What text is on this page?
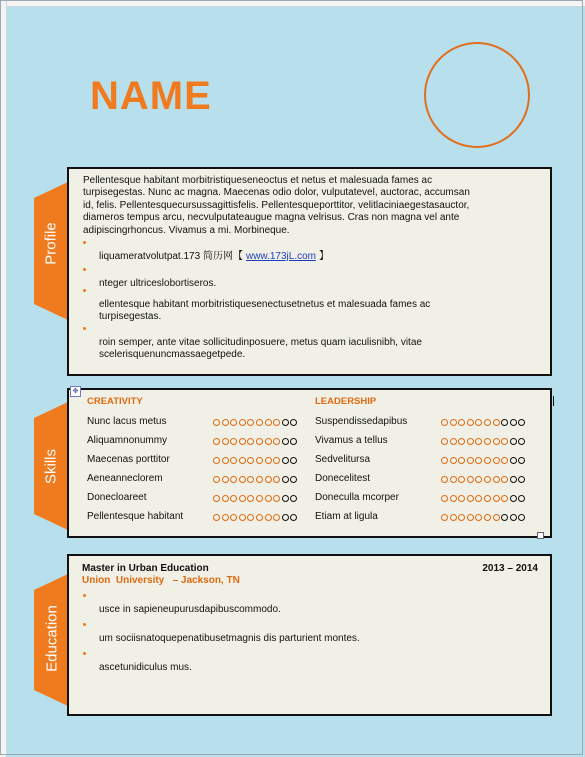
NAME
Profile
Pellentesque habitant morbitristiqueseneoctus et netus et malesuada fames ac
turpisegestas. Nunc ac magna. Maecenas odio dolor, vulputatevel, auctorac, accumsan
id, felis. Pellentesquecursussagittisfelis. Pellentesqueporttitor, velitlaciniaegestasauctor,
diameros tempus arcu, necvulputateaugue magna velrisus. Cras non magna vel ante
adipiscingrhoncus. Vivamus a mi. Morbineque.
liquameratvolutpat.173 简历网【 www.173jL.com 】
nteger ultriceslobortiseros.
ellentesque habitant morbitristiquesenectusetnetus et malesuada fames ac
turpisegestas.
roin semper, ante vitae sollicitudinposuere, metus quam iaculisnibh, vitae
scelerisquenuncmassaegetpede.
Skills
CREATIVITY
Nunc lacus metus
Aliquamnonummy
Maecenas porttitor
Aeneanneclorem
Donecloareet
Pellentesque habitant
LEADERSHIP
Suspendissedapibus
Vivamus a tellus
Sedvelitursa
Donecelitest
Doneculla mcorper
Etiam at ligula
✥
Education
Master in Urban Education	2013 – 2014
Union  University   – Jackson, TN
usce in sapieneupurusdapibuscommodo.
um sociisnatoquepenatibusetmagnis dis parturient montes.
ascetunidiculus mus.
